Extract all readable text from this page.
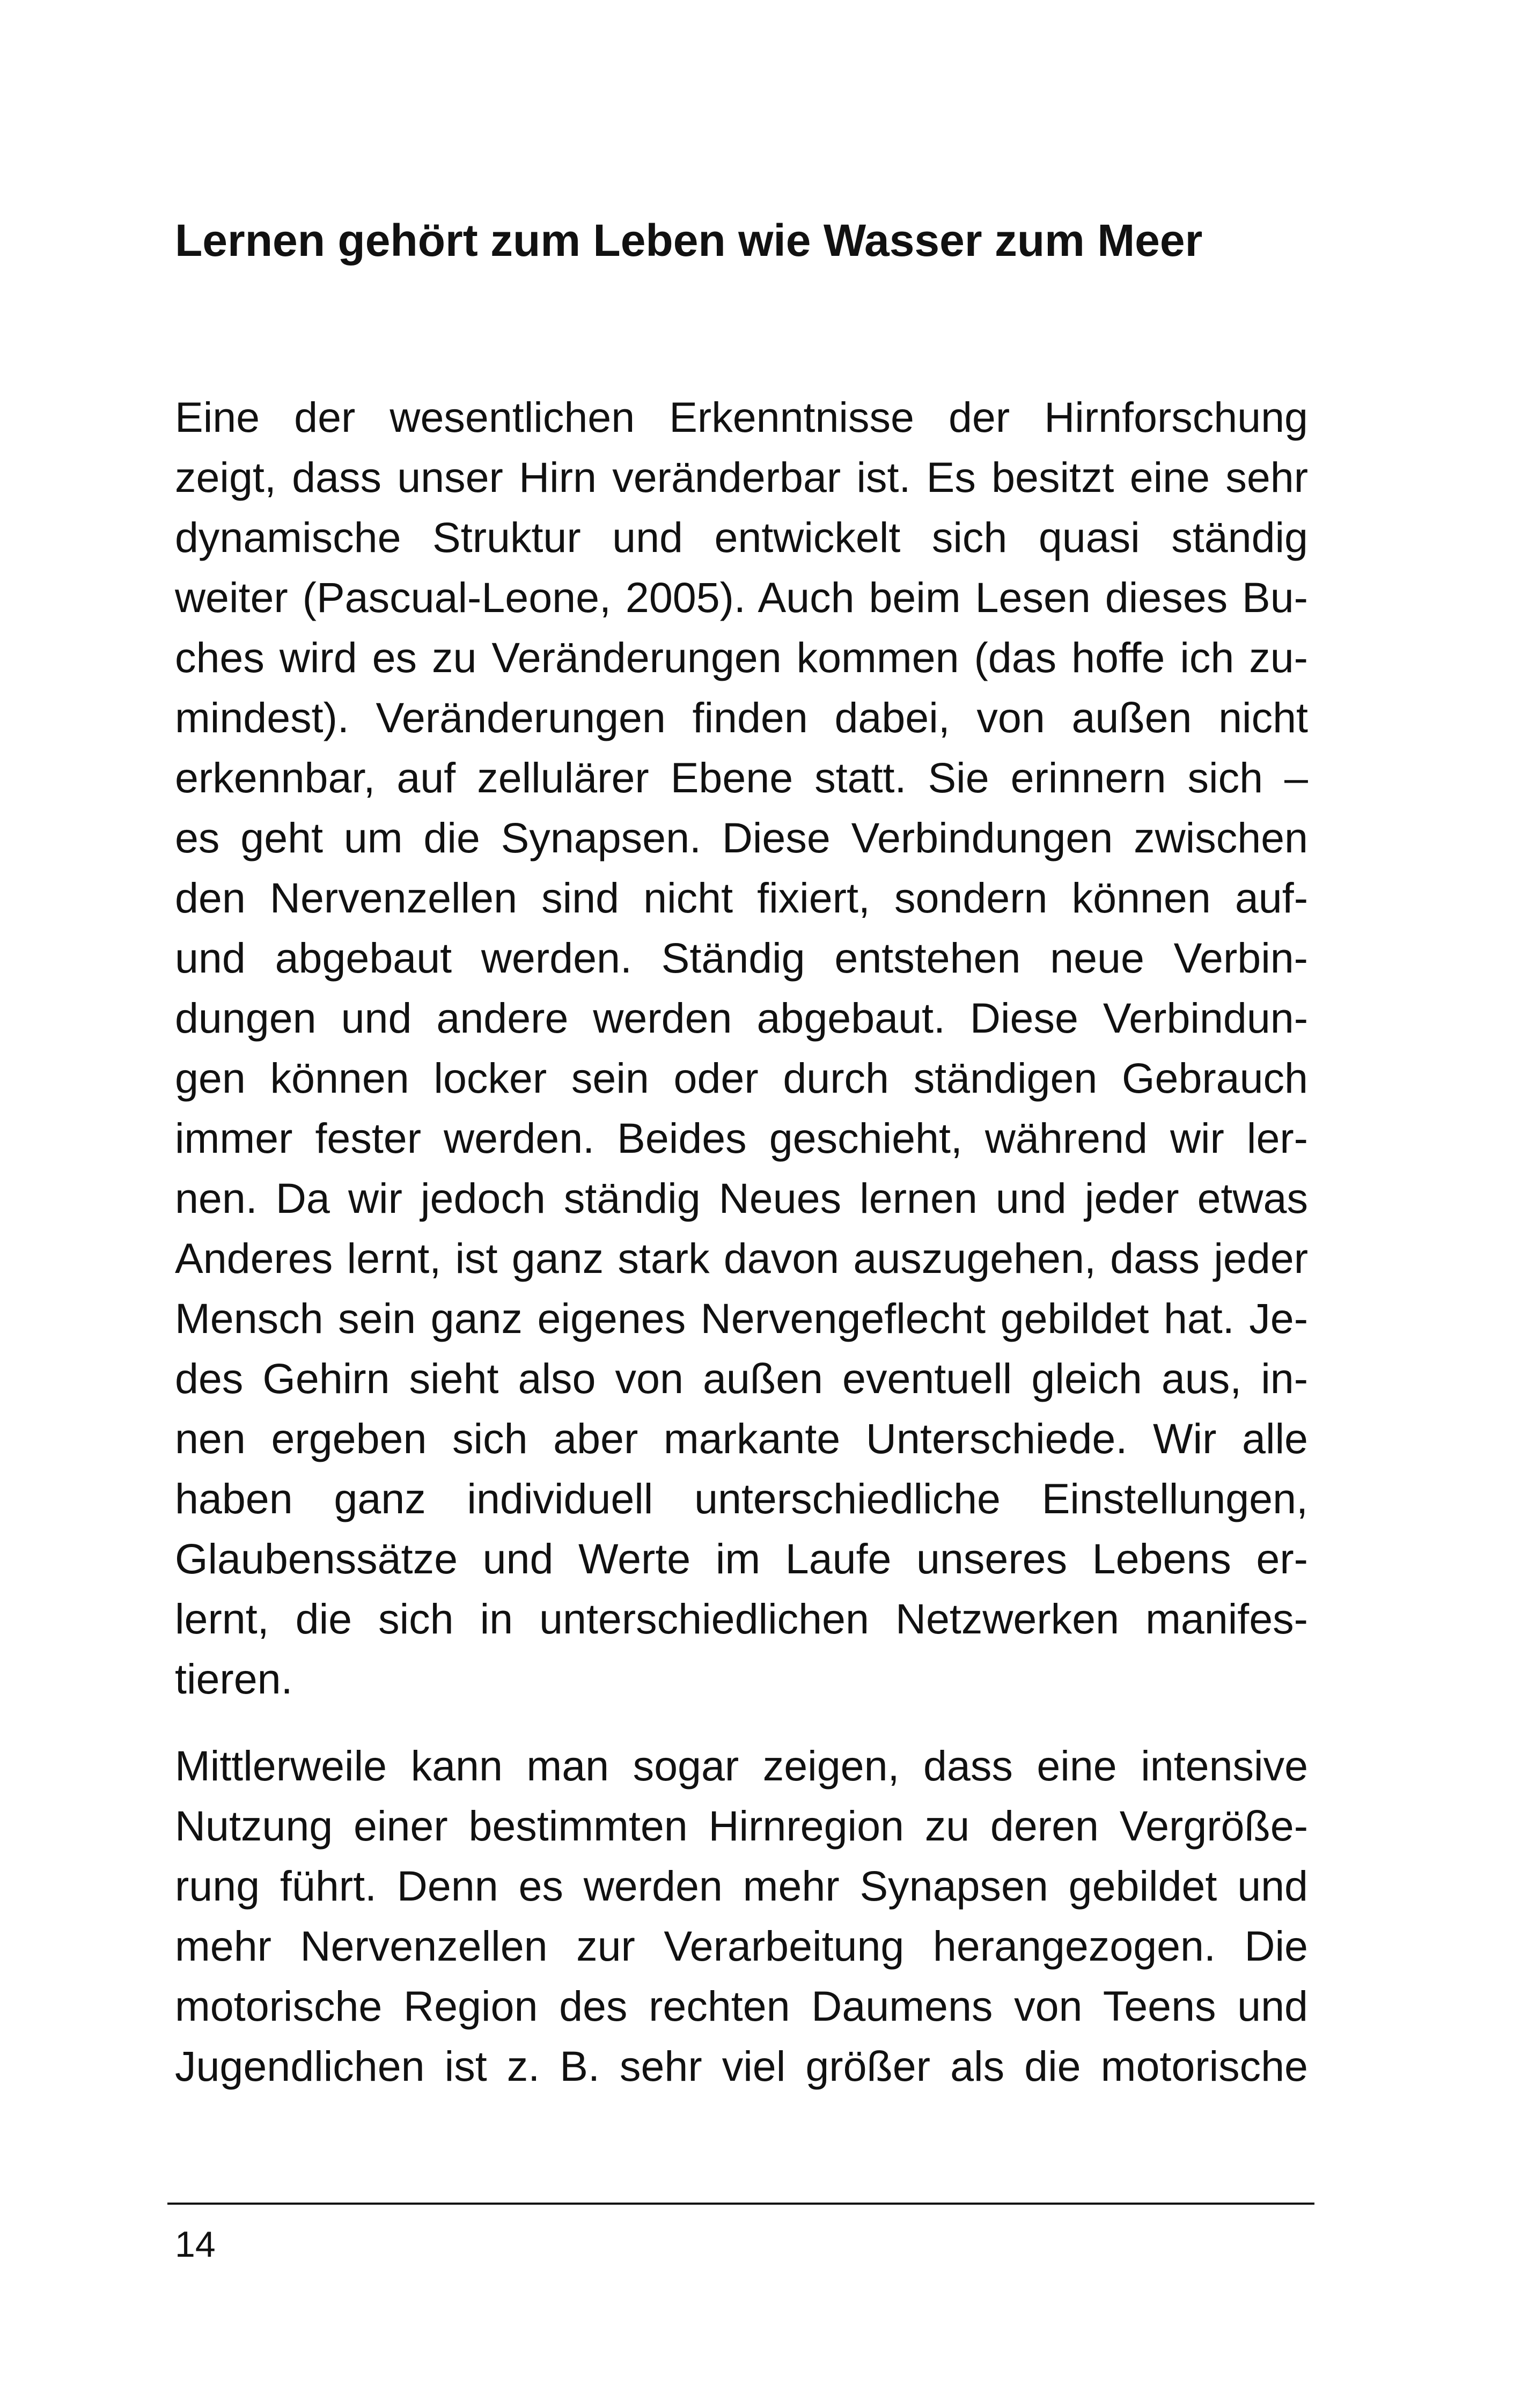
Lernen gehört zum Leben wie Wasser zum Meer
Eine der wesentlichen Erkenntnisse der Hirnforschung
zeigt, dass unser Hirn veränderbar ist. Es besitzt eine sehr
dynamische Struktur und entwickelt sich quasi ständig
weiter (Pascual-Leone, 2005). Auch beim Lesen dieses Bu-
ches wird es zu Veränderungen kommen (das hoffe ich zu-
mindest). Veränderungen finden dabei, von außen nicht
erkennbar, auf zellulärer Ebene statt. Sie erinnern sich –
es geht um die Synapsen. Diese Verbindungen zwischen
den Nervenzellen sind nicht fixiert, sondern können auf-
und abgebaut werden. Ständig entstehen neue Verbin-
dungen und andere werden abgebaut. Diese Verbindun-
gen können locker sein oder durch ständigen Gebrauch
immer fester werden. Beides geschieht, während wir ler-
nen. Da wir jedoch ständig Neues lernen und jeder etwas
Anderes lernt, ist ganz stark davon auszugehen, dass jeder
Mensch sein ganz eigenes Nervengeflecht gebildet hat. Je-
des Gehirn sieht also von außen eventuell gleich aus, in-
nen ergeben sich aber markante Unterschiede. Wir alle
haben ganz individuell unterschiedliche Einstellungen,
Glaubenssätze und Werte im Laufe unseres Lebens er-
lernt, die sich in unterschiedlichen Netzwerken manifes-
tieren.
Mittlerweile kann man sogar zeigen, dass eine intensive
Nutzung einer bestimmten Hirnregion zu deren Vergröße-
rung führt. Denn es werden mehr Synapsen gebildet und
mehr Nervenzellen zur Verarbeitung herangezogen. Die
motorische Region des rechten Daumens von Teens und
Jugendlichen ist z. B. sehr viel größer als die motorische
14
